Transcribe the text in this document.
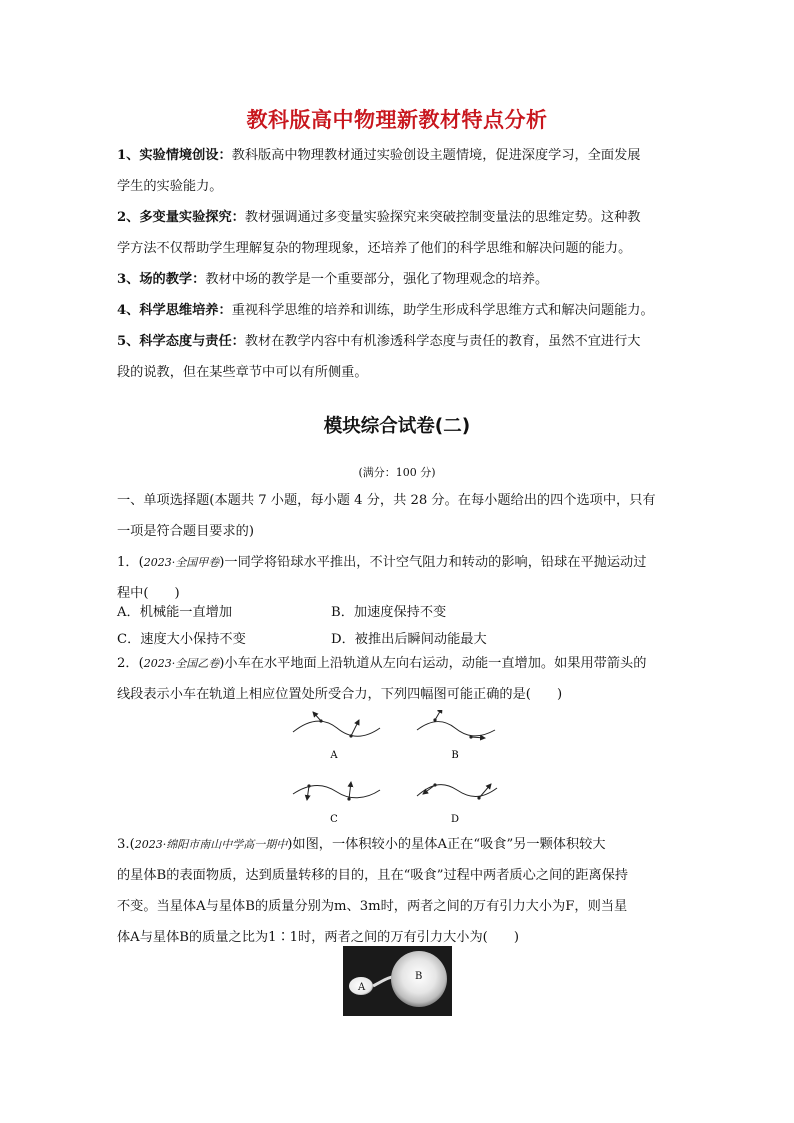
教科版高中物理新教材特点分析
1、实验情境创设：教科版高中物理教材通过实验创设主题情境，促进深度学习，全面发展
学生的实验能力。
2、多变量实验探究：教材强调通过多变量实验探究来突破控制变量法的思维定势。这种教
学方法不仅帮助学生理解复杂的物理现象，还培养了他们的科学思维和解决问题的能力。
3、场的教学：教材中场的教学是一个重要部分，强化了物理观念的培养。
4、科学思维培养：重视科学思维的培养和训练，助学生形成科学思维方式和解决问题能力。
5、科学态度与责任：教材在教学内容中有机渗透科学态度与责任的教育，虽然不宜进行大
段的说教，但在某些章节中可以有所侧重。
模块综合试卷(二)
(满分：100 分)
一、单项选择题(本题共 7 小题，每小题 4 分，共 28 分。在每小题给出的四个选项中，只有
一项是符合题目要求的)
1．(2023·全国甲卷)一同学将铅球水平推出，不计空气阻力和转动的影响，铅球在平抛运动过
程中( )
A．机械能一直增加	B．加速度保持不变
C．速度大小保持不变	D．被推出后瞬间动能最大
2．(2023·全国乙卷)小车在水平地面上沿轨道从左向右运动，动能一直增加。如果用带箭头的
线段表示小车在轨道上相应位置处所受合力，下列四幅图可能正确的是( )
A	B
C	D
3.(2023·绵阳市南山中学高一期中)如图，一体积较小的星体A正在“吸食”另一颗体积较大
的星体B的表面物质，达到质量转移的目的，且在“吸食”过程中两者质心之间的距离保持
不变。当星体A与星体B的质量分别为m、3m时，两者之间的万有引力大小为F，则当星
体A与星体B的质量之比为1∶1时，两者之间的万有引力大小为( )
A
B
